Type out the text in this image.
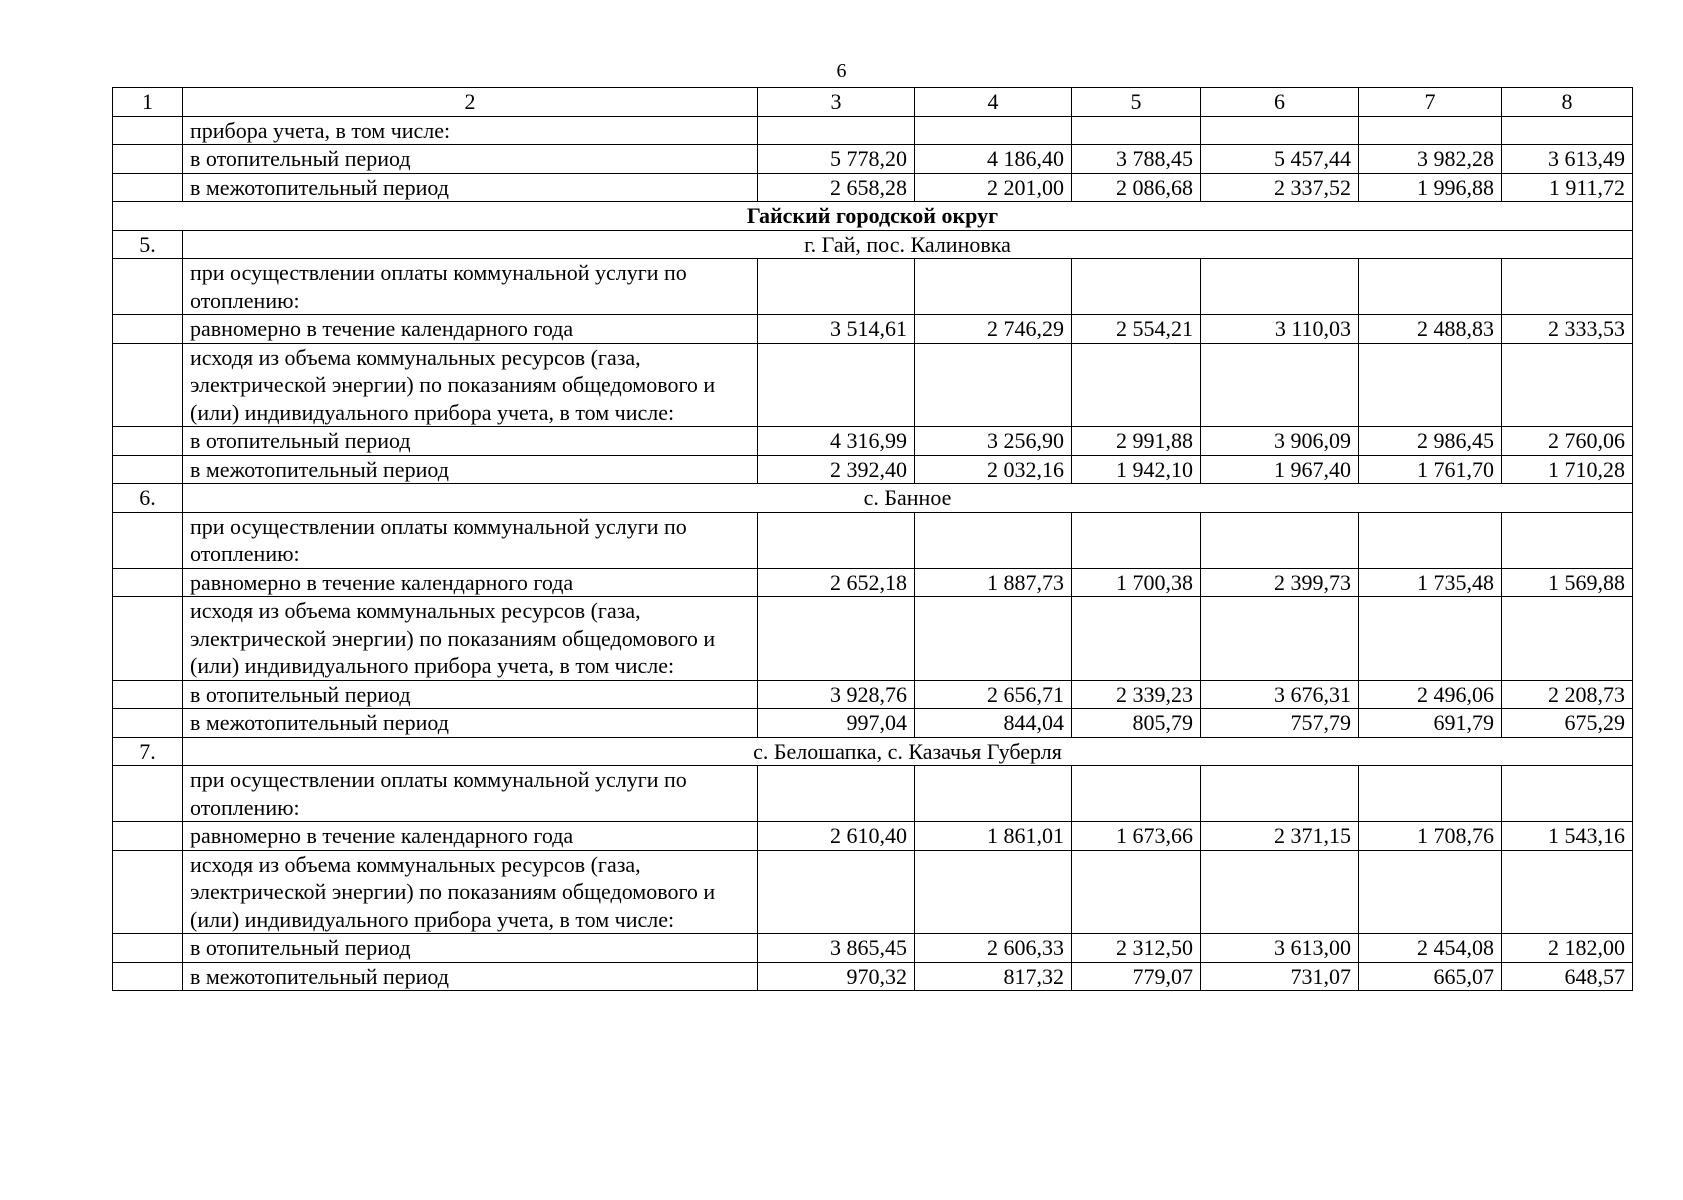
6
1	2	3	4	5	6	7	8
	прибора учета, в том числе:						
	в отопительный период	5 778,20	4 186,40	3 788,45	5 457,44	3 982,28	3 613,49
	в межотопительный период	2 658,28	2 201,00	2 086,68	2 337,52	1 996,88	1 911,72
Гайский городской округ							
5.	г. Гай, пос. Калиновка						
	при осуществлении оплаты коммунальной услуги по отоплению:						
	равномерно в течение календарного года	3 514,61	2 746,29	2 554,21	3 110,03	2 488,83	2 333,53
	исходя из объема коммунальных ресурсов (газа, электрической энергии) по показаниям общедомового и (или) индивидуального прибора учета, в том числе:						
	в отопительный период	4 316,99	3 256,90	2 991,88	3 906,09	2 986,45	2 760,06
	в межотопительный период	2 392,40	2 032,16	1 942,10	1 967,40	1 761,70	1 710,28
6.	с. Банное						
	при осуществлении оплаты коммунальной услуги по отоплению:						
	равномерно в течение календарного года	2 652,18	1 887,73	1 700,38	2 399,73	1 735,48	1 569,88
	исходя из объема коммунальных ресурсов (газа, электрической энергии) по показаниям общедомового и (или) индивидуального прибора учета, в том числе:						
	в отопительный период	3 928,76	2 656,71	2 339,23	3 676,31	2 496,06	2 208,73
	в межотопительный период	997,04	844,04	805,79	757,79	691,79	675,29
7.	с. Белошапка, с. Казачья Губерля						
	при осуществлении оплаты коммунальной услуги по отоплению:						
	равномерно в течение календарного года	2 610,40	1 861,01	1 673,66	2 371,15	1 708,76	1 543,16
	исходя из объема коммунальных ресурсов (газа, электрической энергии) по показаниям общедомового и (или) индивидуального прибора учета, в том числе:						
	в отопительный период	3 865,45	2 606,33	2 312,50	3 613,00	2 454,08	2 182,00
	в межотопительный период	970,32	817,32	779,07	731,07	665,07	648,57
